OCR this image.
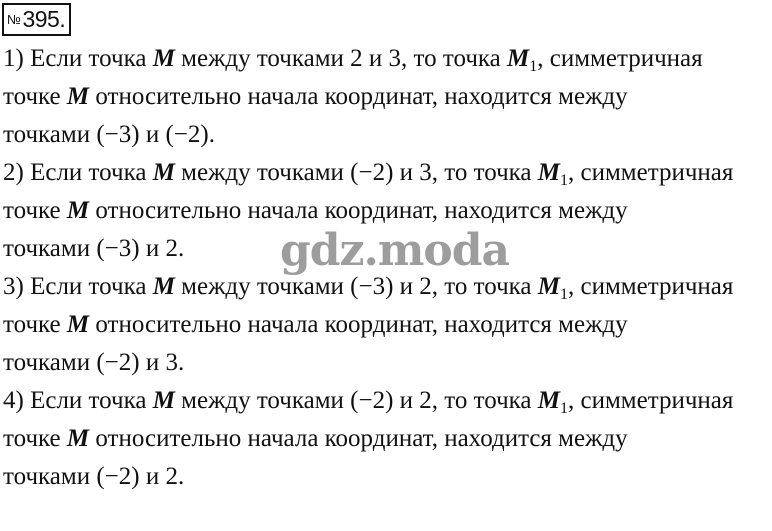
№395.
1) Если точка M между точками 2 и 3, то точка $M_1$, симметричная
точке M относительно начала координат, находится между
точками (−3) и (−2).
2) Если точка M между точками (−2) и 3, то точка $M_1$, симметричная
точке M относительно начала координат, находится между
точками (−3) и 2.
3) Если точка M между точками (−3) и 2, то точка $M_1$, симметричная
точке M относительно начала координат, находится между
точками (−2) и 3.
4) Если точка M между точками (−2) и 2, то точка $M_1$, симметричная
точке M относительно начала координат, находится между
точками (−2) и 2.
gdz.moda
